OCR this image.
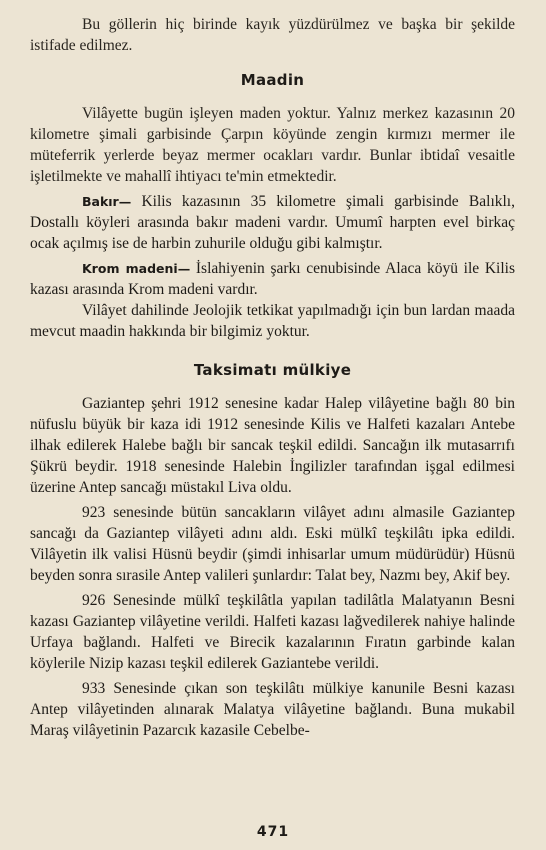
Bu göllerin hiç birinde kayık yüzdürülmez ve başka bir şekilde istifade edilmez.

Maadin

Vilâyette bugün işleyen maden yoktur. Yalnız merkez kazasının 20 kilometre şimali garbisinde Çarpın köyünde zengin kırmızı mermer ile müteferrik yerlerde beyaz mermer ocakları vardır. Bunlar ibtidaî vesaitle işletilmekte ve mahallî ihtiyacı te'min etmektedir.

Bakır— Kilis kazasının 35 kilometre şimali garbisinde Balıklı, Dostallı köyleri arasında bakır madeni vardır. Umumî harpten evel birkaç ocak açılmış ise de harbin zuhurile olduğu gibi kalmıştır.

Krom madeni— İslahiyenin şarkı cenubisinde Alaca köyü ile Kilis kazası arasında Krom madeni vardır.

Vilâyet dahilinde Jeolojik tetkikat yapılmadığı için bun lardan maada mevcut maadin hakkında bir bilgimiz yoktur.

Taksimatı mülkiye

Gaziantep şehri 1912 senesine kadar Halep vilâyetine bağlı 80 bin nüfuslu büyük bir kaza idi 1912 senesinde Kilis ve Halfeti kazaları Antebe ilhak edilerek Halebe bağlı bir sancak teşkil edildi. Sancağın ilk mutasarrıfı Şükrü beydir. 1918 senesinde Halebin İngilizler tarafından işgal edilmesi üzerine Antep sancağı müstakıl Liva oldu.

923 senesinde bütün sancakların vilâyet adını almasile Gaziantep sancağı da Gaziantep vilâyeti adını aldı. Eski mülkî teşkilâtı ipka edildi. Vilâyetin ilk valisi Hüsnü beydir (şimdi inhisarlar umum müdürüdür) Hüsnü beyden sonra sırasile Antep valileri şunlardır: Talat bey, Nazmı bey, Akif bey.

926 Senesinde mülkî teşkilâtla yapılan tadilâtla Malatyanın Besni kazası Gaziantep vilâyetine verildi. Halfeti kazası lağvedilerek nahiye halinde Urfaya bağlandı. Halfeti ve Birecik kazalarının Fıratın garbinde kalan köylerile Nizip kazası teşkil edilerek Gaziantebe verildi.

933 Senesinde çıkan son teşkilâtı mülkiye kanunile Besni kazası Antep vilâyetinden alınarak Malatya vilâyetine bağlandı. Buna mukabil Maraş vilâyetinin Pazarcık kazasile Cebelbe-

471
